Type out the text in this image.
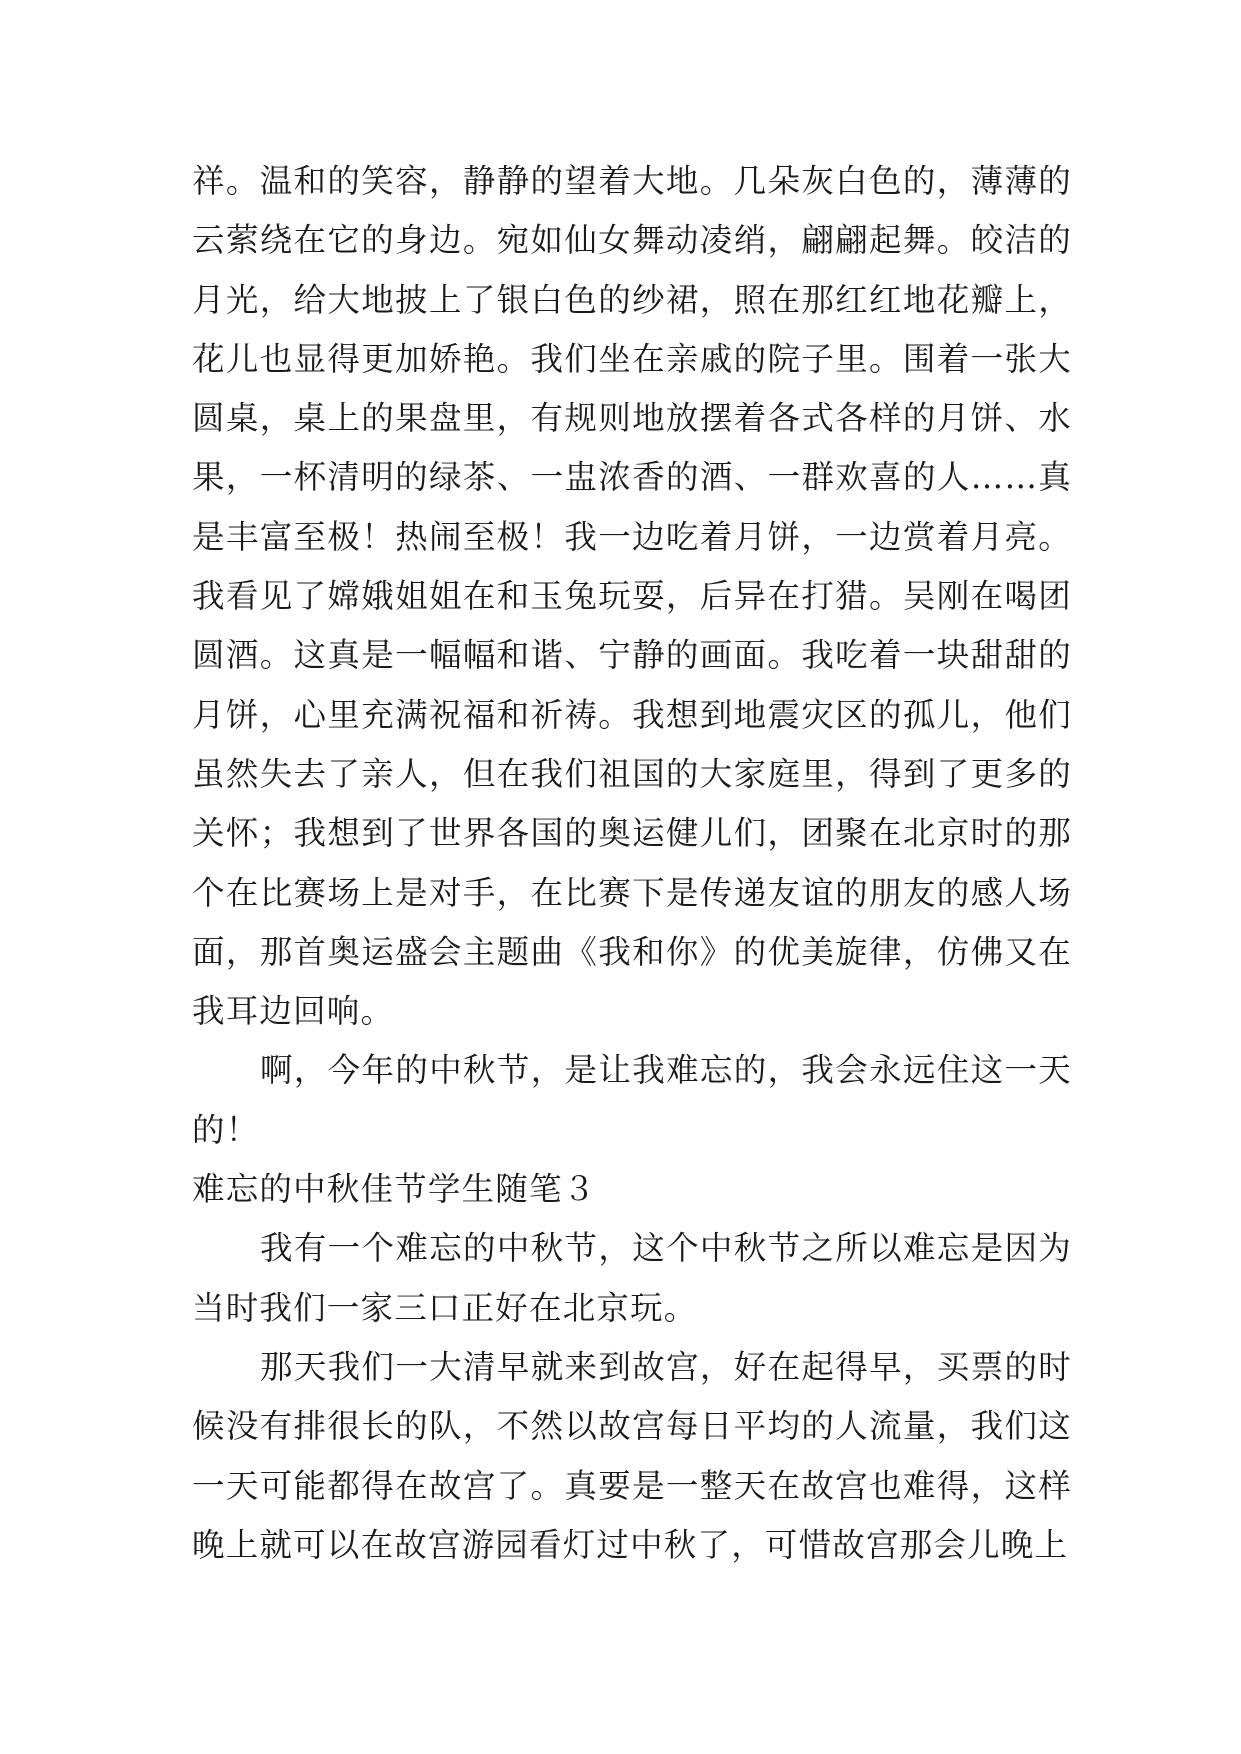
祥。温和的笑容，静静的望着大地。几朵灰白色的，薄薄的云萦绕在它的身边。宛如仙女舞动凌绡，翩翩起舞。皎洁的月光，给大地披上了银白色的纱裙，照在那红红地花瓣上，花儿也显得更加娇艳。我们坐在亲戚的院子里。围着一张大圆桌，桌上的果盘里，有规则地放摆着各式各样的月饼、水果，一杯清明的绿茶、一盅浓香的酒、一群欢喜的人……真是丰富至极！热闹至极！我一边吃着月饼，一边赏着月亮。我看见了嫦娥姐姐在和玉兔玩耍，后异在打猎。吴刚在喝团圆酒。这真是一幅幅和谐、宁静的画面。我吃着一块甜甜的月饼，心里充满祝福和祈祷。我想到地震灾区的孤儿，他们虽然失去了亲人，但在我们祖国的大家庭里，得到了更多的关怀；我想到了世界各国的奥运健儿们，团聚在北京时的那个在比赛场上是对手，在比赛下是传递友谊的朋友的感人场面，那首奥运盛会主题曲《我和你》的优美旋律，仿佛又在我耳边回响。

啊，今年的中秋节，是让我难忘的，我会永远住这一天的！

难忘的中秋佳节学生随笔３

我有一个难忘的中秋节，这个中秋节之所以难忘是因为当时我们一家三口正好在北京玩。

那天我们一大清早就来到故宫，好在起得早，买票的时候没有排很长的队，不然以故宫每日平均的人流量，我们这一天可能都得在故宫了。真要是一整天在故宫也难得，这样晚上就可以在故宫游园看灯过中秋了，可惜故宫那会儿晚上
